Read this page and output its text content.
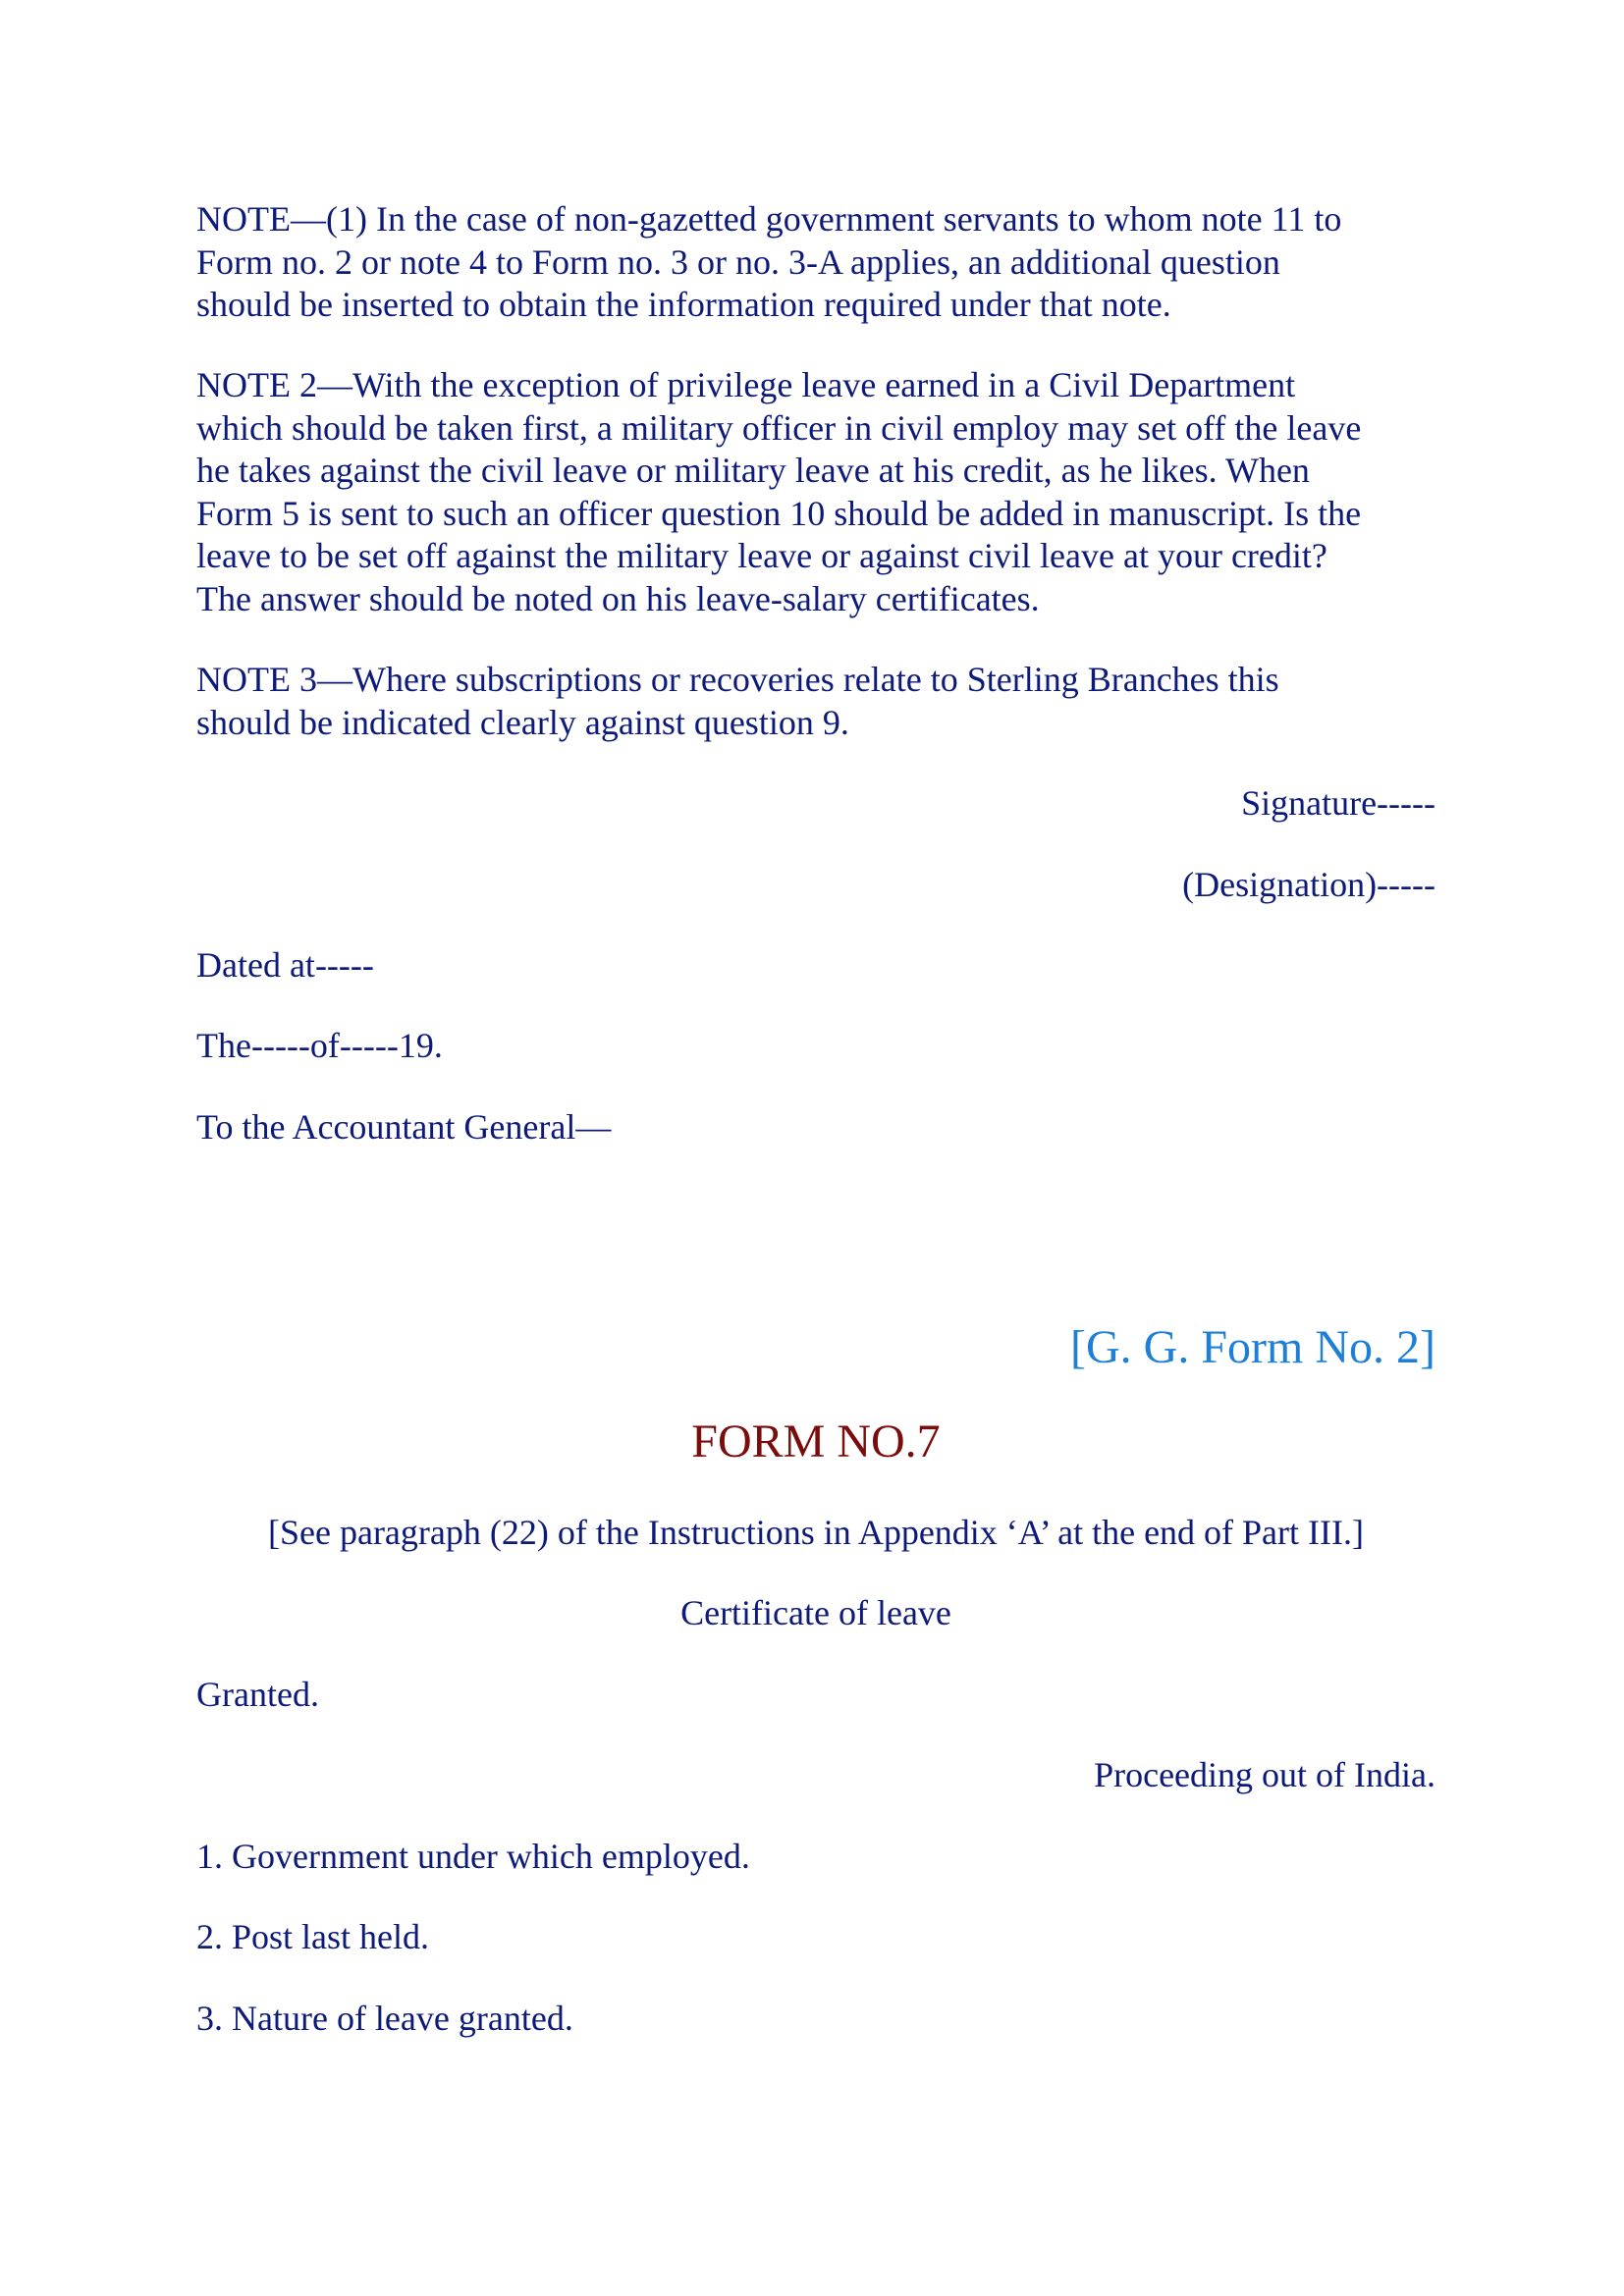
NOTE—(1) In the case of non-gazetted government servants to whom note 11 to
Form no. 2 or note 4 to Form no. 3 or no. 3-A applies, an additional question
should be inserted to obtain the information required under that note.
NOTE 2—With the exception of privilege leave earned in a Civil Department
which should be taken first, a military officer in civil employ may set off the leave
he takes against the civil leave or military leave at his credit, as he likes. When
Form 5 is sent to such an officer question 10 should be added in manuscript. Is the
leave to be set off against the military leave or against civil leave at your credit?
The answer should be noted on his leave-salary certificates.
NOTE 3—Where subscriptions or recoveries relate to Sterling Branches this
should be indicated clearly against question 9.
Signature-----
(Designation)-----
Dated at-----
The-----of-----19.
To the Accountant General—
[G. G. Form No. 2]
FORM NO.7
[See paragraph (22) of the Instructions in Appendix ‘A’ at the end of Part III.]
Certificate of leave
Granted.
Proceeding out of India.
1. Government under which employed.
2. Post last held.
3. Nature of leave granted.
